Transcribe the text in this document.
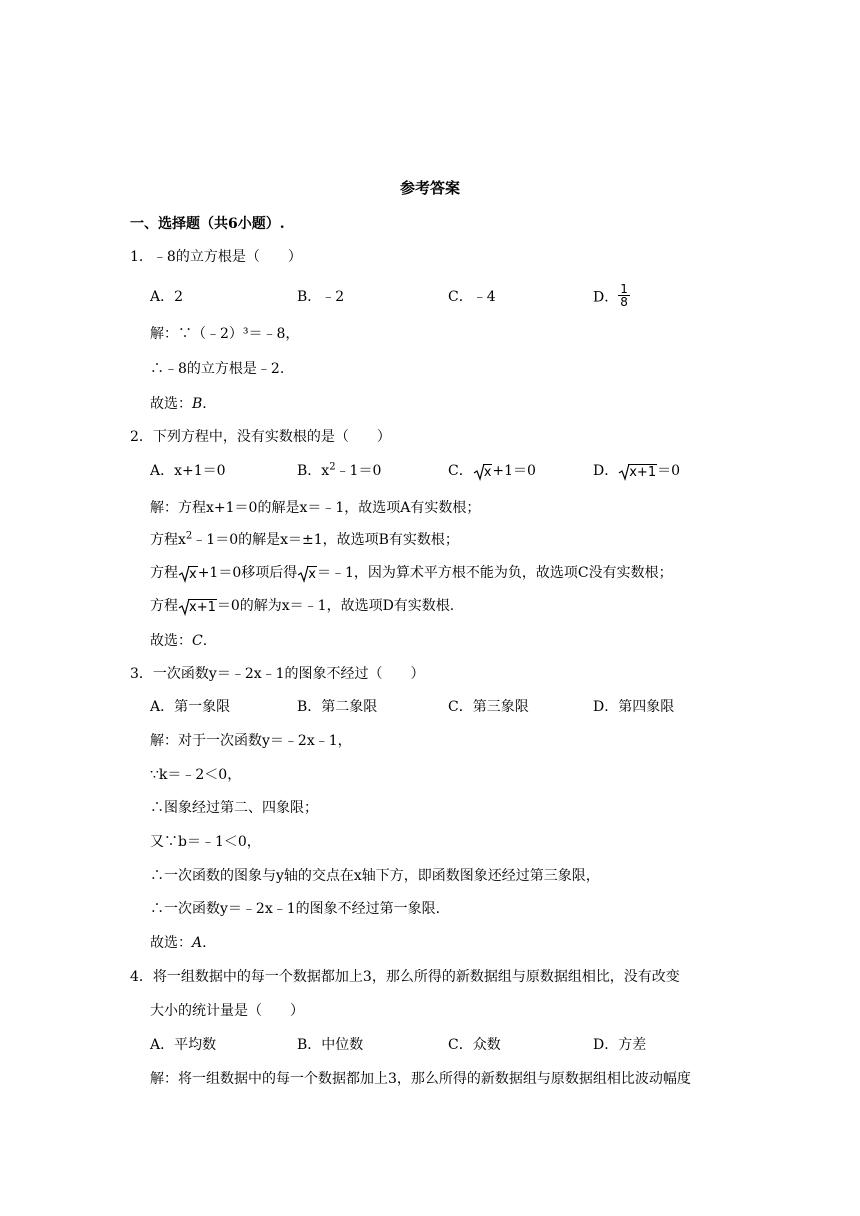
参考答案
一、选择题（共6小题）.
1．﹣8的立方根是（　　）
A．2	B．﹣2	C．﹣4	D． $\frac{1}{8}$
解：∵（﹣2）³＝﹣8，
∴﹣8的立方根是﹣2.
故选：B.
2．下列方程中，没有实数根的是（　　）
A．x+1＝0	B．$x^2﹣1=0$	C． x+1＝0	D． x+1＝0
解：方程x+1＝0的解是x＝﹣1，故选项A有实数根；
方程$x^2﹣1=0$的解是x＝±1，故选项B有实数根；
方程 x+1＝0移项后得 x＝﹣1，因为算术平方根不能为负，故选项C没有实数根；
方程 x+1＝0的解为x＝﹣1，故选项D有实数根.
故选：C.
3．一次函数y＝﹣2x﹣1的图象不经过（　　）
A．第一象限	B．第二象限	C．第三象限	D．第四象限
解：对于一次函数y＝﹣2x﹣1，
∵k＝﹣2＜0，
∴图象经过第二、四象限；
又∵b＝﹣1＜0，
∴一次函数的图象与y轴的交点在x轴下方，即函数图象还经过第三象限，
∴一次函数y＝﹣2x﹣1的图象不经过第一象限.
故选：A.
4．将一组数据中的每一个数据都加上3，那么所得的新数据组与原数据组相比，没有改变
大小的统计量是（　　）
A．平均数	B．中位数	C．众数	D．方差
解：将一组数据中的每一个数据都加上3，那么所得的新数据组与原数据组相比波动幅度
